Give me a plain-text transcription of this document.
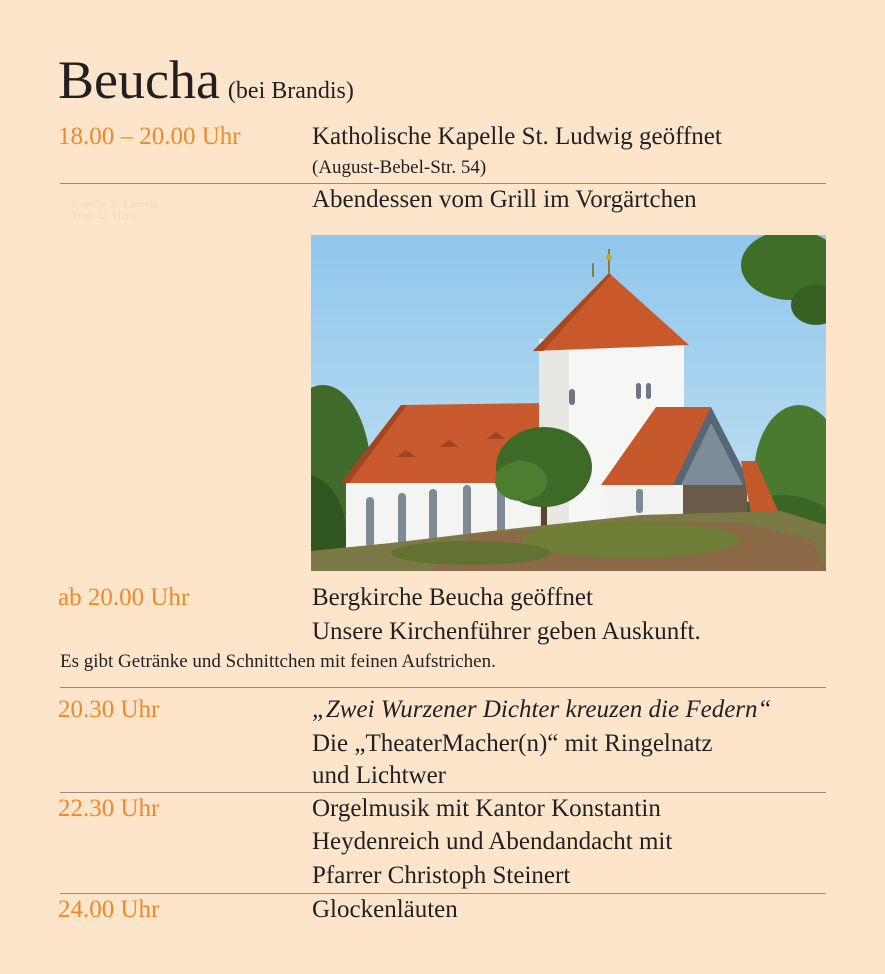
Beucha (bei Brandis)
18.00 – 20.00 Uhr	Katholische Kapelle St. Ludwig geöffnet
(August-Bebel-Str. 54)
Abendessen vom Grill im Vorgärtchen
Kapelle St. Ludwig
Foto: U. Marx
ab 20.00 Uhr	Bergkirche Beucha geöffnet
Unsere Kirchenführer geben Auskunft.
Es gibt Getränke und Schnittchen mit feinen Aufstrichen.
20.30 Uhr	„Zwei Wurzener Dichter kreuzen die Federn“
Die „TheaterMacher(n)“ mit Ringelnatz
und Lichtwer
22.30 Uhr	Orgelmusik mit Kantor Konstantin
Heydenreich und Abendandacht mit
Pfarrer Christoph Steinert
24.00 Uhr	Glockenläuten
